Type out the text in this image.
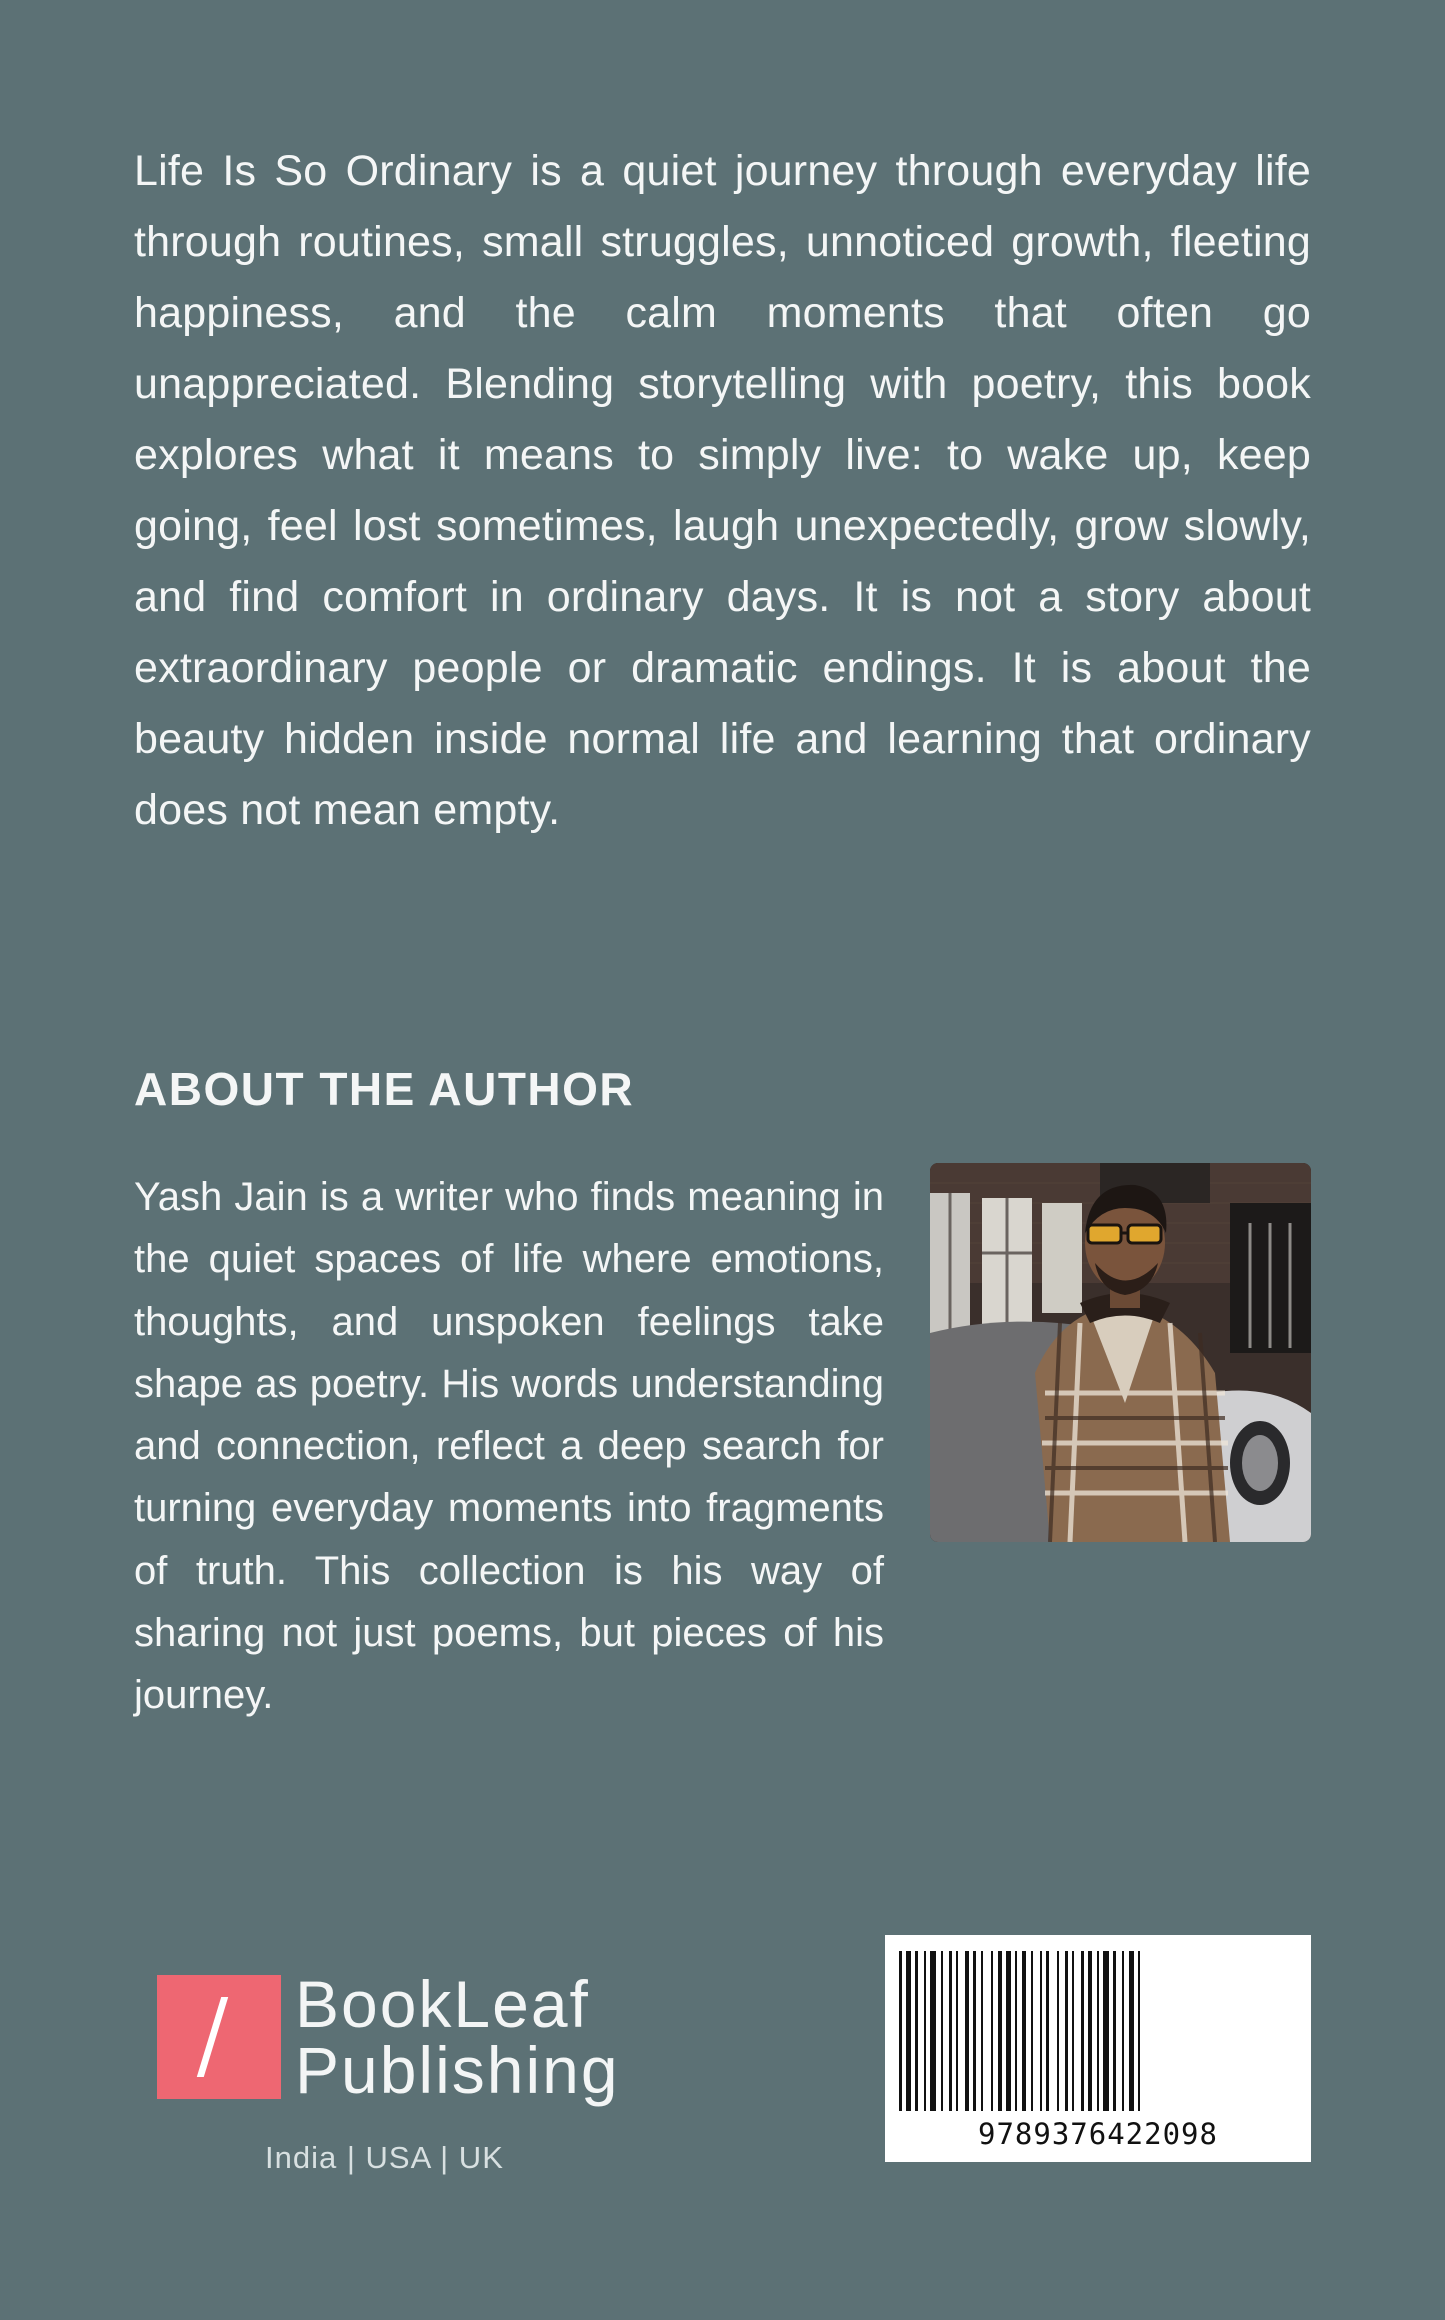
Life Is So Ordinary is a quiet journey through everyday life through routines, small struggles, unnoticed growth, fleeting happiness, and the calm moments that often go unappreciated. Blending storytelling with poetry, this book explores what it means to simply live: to wake up, keep going, feel lost sometimes, laugh unexpectedly, grow slowly, and find comfort in ordinary days. It is not a story about extraordinary people or dramatic endings. It is about the beauty hidden inside normal life and learning that ordinary does not mean empty.

ABOUT THE AUTHOR

Yash Jain is a writer who finds meaning in the quiet spaces of life where emotions, thoughts, and unspoken feelings take shape as poetry. His words understanding and connection, reflect a deep search for turning everyday moments into fragments of truth. This collection is his way of sharing not just poems, but pieces of his journey.

BookLeaf
Publishing
India | USA | UK
9789376422098
